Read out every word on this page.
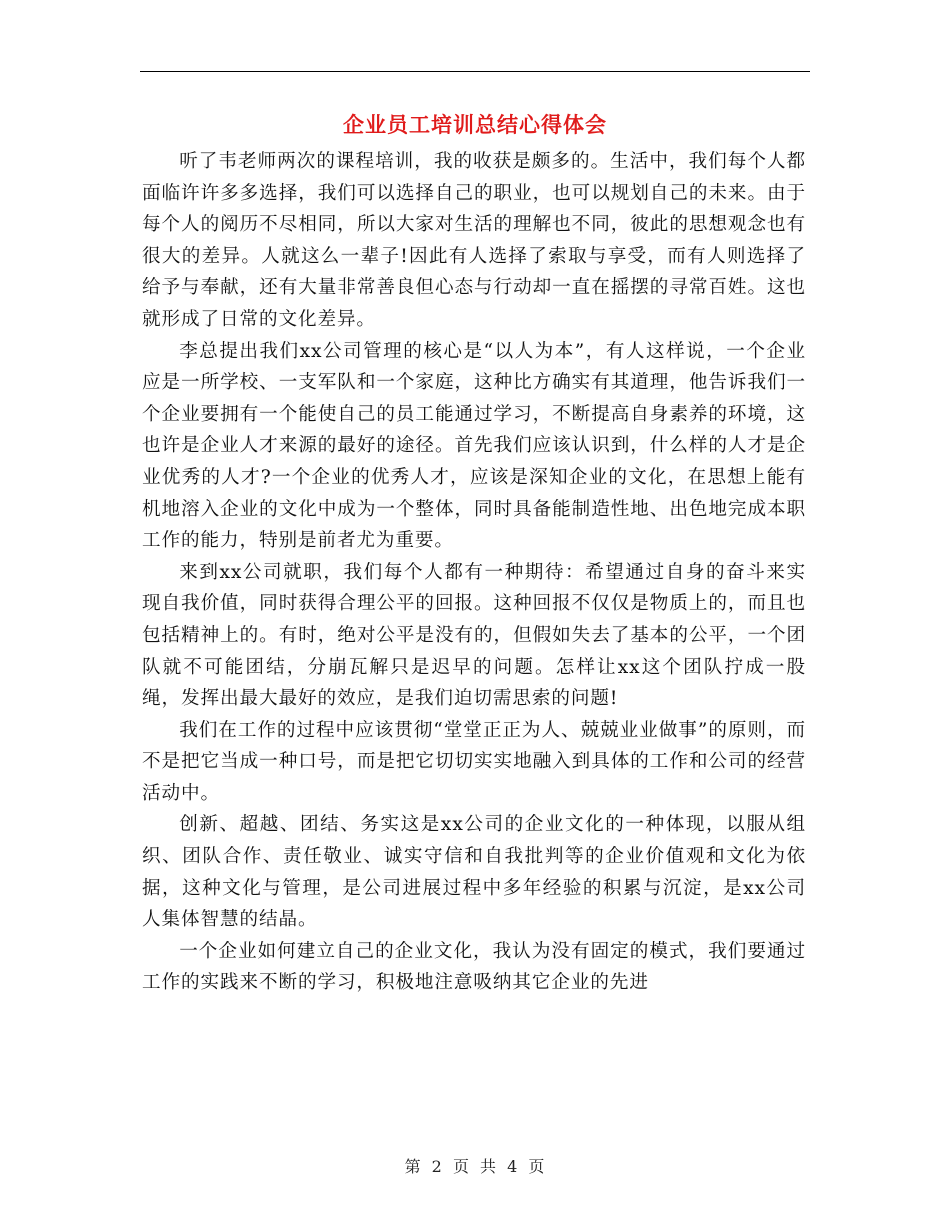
企业员工培训总结心得体会

听了韦老师两次的课程培训，我的收获是颇多的。生活中，我们每个人都面临许许多多选择，我们可以选择自己的职业，也可以规划自己的未来。由于每个人的阅历不尽相同，所以大家对生活的理解也不同，彼此的思想观念也有很大的差异。人就这么一辈子!因此有人选择了索取与享受，而有人则选择了给予与奉献，还有大量非常善良但心态与行动却一直在摇摆的寻常百姓。这也就形成了日常的文化差异。

李总提出我们xx公司管理的核心是“以人为本”，有人这样说，一个企业应是一所学校、一支军队和一个家庭，这种比方确实有其道理，他告诉我们一个企业要拥有一个能使自己的员工能通过学习，不断提高自身素养的环境，这也许是企业人才来源的最好的途径。首先我们应该认识到，什么样的人才是企业优秀的人才?一个企业的优秀人才，应该是深知企业的文化，在思想上能有机地溶入企业的文化中成为一个整体，同时具备能制造性地、出色地完成本职工作的能力，特别是前者尤为重要。

来到xx公司就职，我们每个人都有一种期待：希望通过自身的奋斗来实现自我价值，同时获得合理公平的回报。这种回报不仅仅是物质上的，而且也包括精神上的。有时，绝对公平是没有的，但假如失去了基本的公平，一个团队就不可能团结，分崩瓦解只是迟早的问题。怎样让xx这个团队拧成一股绳，发挥出最大最好的效应，是我们迫切需思索的问题!

我们在工作的过程中应该贯彻“堂堂正正为人、兢兢业业做事”的原则，而不是把它当成一种口号，而是把它切切实实地融入到具体的工作和公司的经营活动中。

创新、超越、团结、务实这是xx公司的企业文化的一种体现，以服从组织、团队合作、责任敬业、诚实守信和自我批判等的企业价值观和文化为依据，这种文化与管理，是公司进展过程中多年经验的积累与沉淀，是xx公司人集体智慧的结晶。

一个企业如何建立自己的企业文化，我认为没有固定的模式，我们要通过工作的实践来不断的学习，积极地注意吸纳其它企业的先进

第 2 页 共 4 页
